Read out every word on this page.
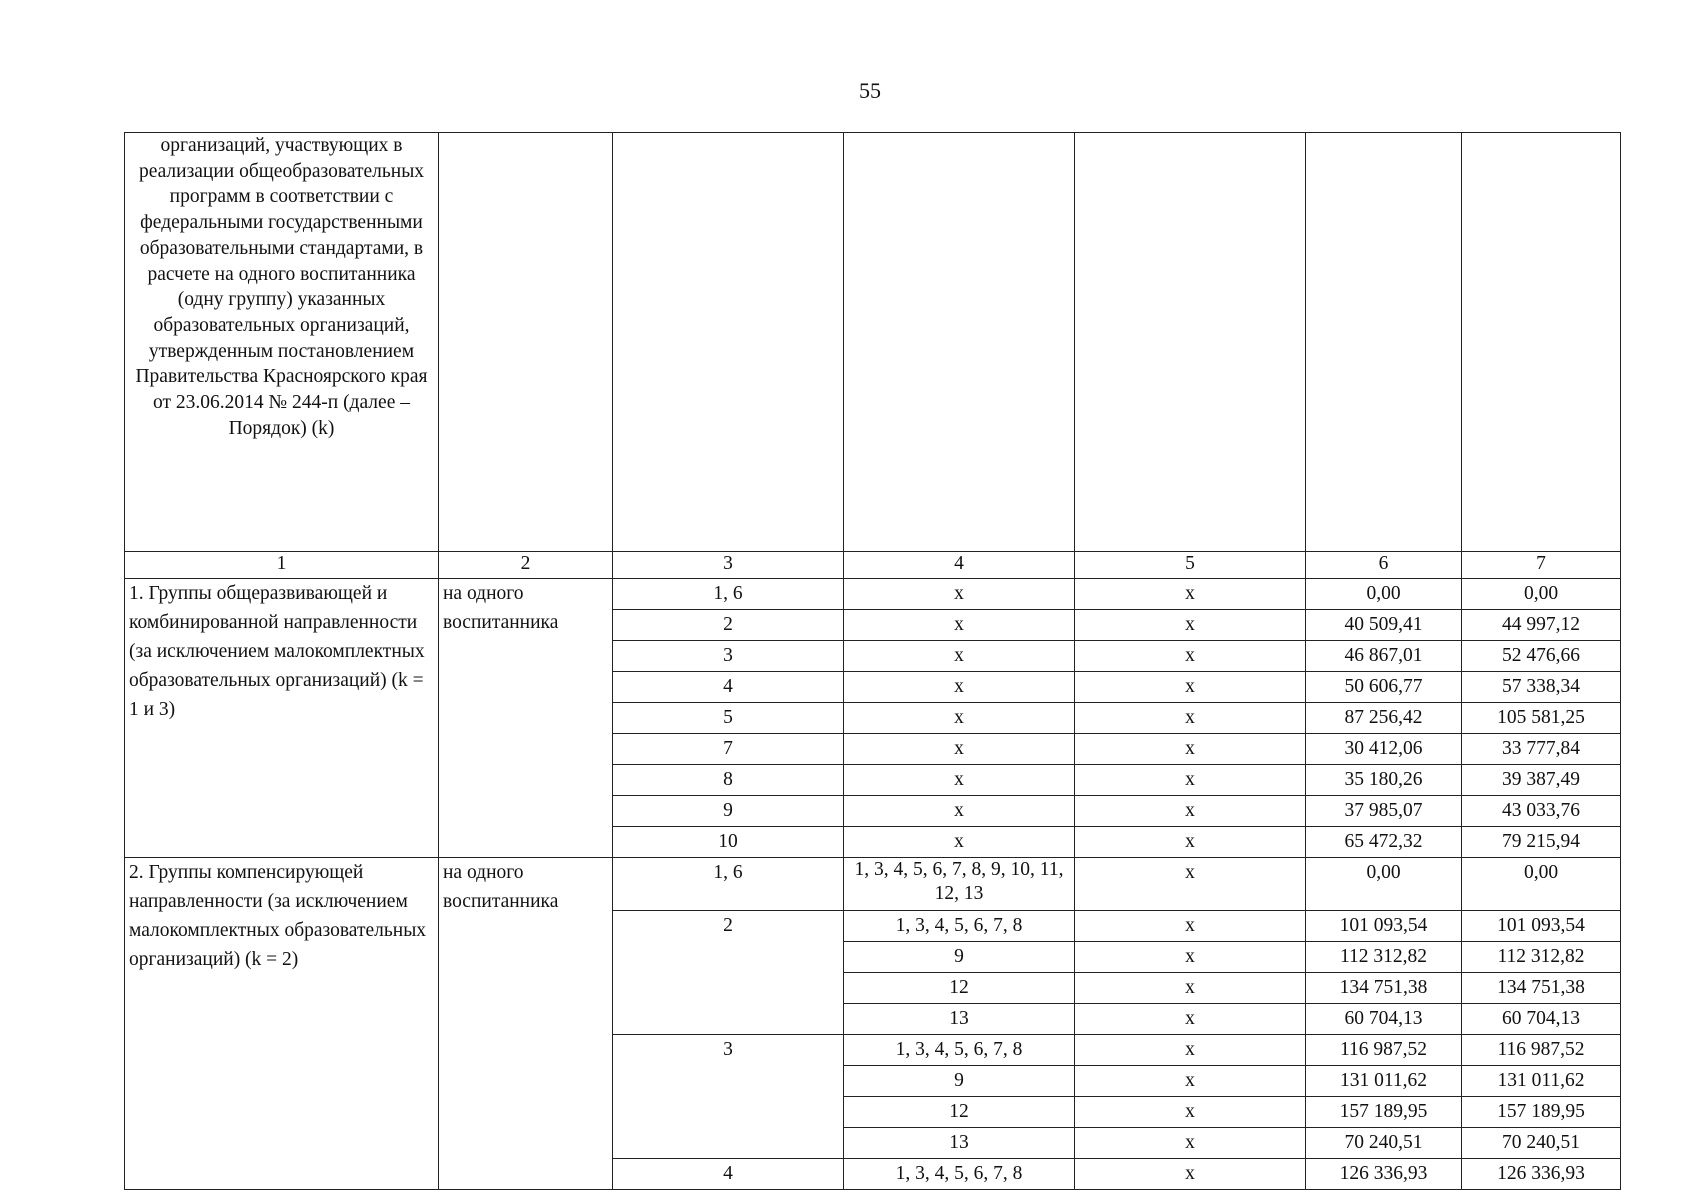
55
организаций, участвующих в реализации общеобразовательных программ в соответствии с федеральными государственными образовательными стандартами, в расчете на одного воспитанника (одну группу) указанных образовательных организаций, утвержденным постановлением Правительства Красноярского края от 23.06.2014 № 244-п (далее – Порядок) (k)						
1	2	3	4	5	6	7
1. Группы общеразвивающей и комбинированной направленности (за исключением малокомплектных образовательных организаций) (k = 1 и 3)	на одного воспитанника	1, 6	х	х	0,00	0,00
		2	х	х	40 509,41	44 997,12
		3	х	х	46 867,01	52 476,66
		4	х	х	50 606,77	57 338,34
		5	х	х	87 256,42	105 581,25
		7	х	х	30 412,06	33 777,84
		8	х	х	35 180,26	39 387,49
		9	х	х	37 985,07	43 033,76
		10	х	х	65 472,32	79 215,94
2. Группы компенсирующей направленности (за исключением малокомплектных образовательных организаций) (k = 2)	на одного воспитанника	1, 6	1, 3, 4, 5, 6, 7, 8, 9, 10, 11, 12, 13	х	0,00	0,00
		2	1, 3, 4, 5, 6, 7, 8	х	101 093,54	101 093,54
			9	х	112 312,82	112 312,82
			12	х	134 751,38	134 751,38
			13	х	60 704,13	60 704,13
		3	1, 3, 4, 5, 6, 7, 8	х	116 987,52	116 987,52
			9	х	131 011,62	131 011,62
			12	х	157 189,95	157 189,95
			13	х	70 240,51	70 240,51
		4	1, 3, 4, 5, 6, 7, 8	х	126 336,93	126 336,93
